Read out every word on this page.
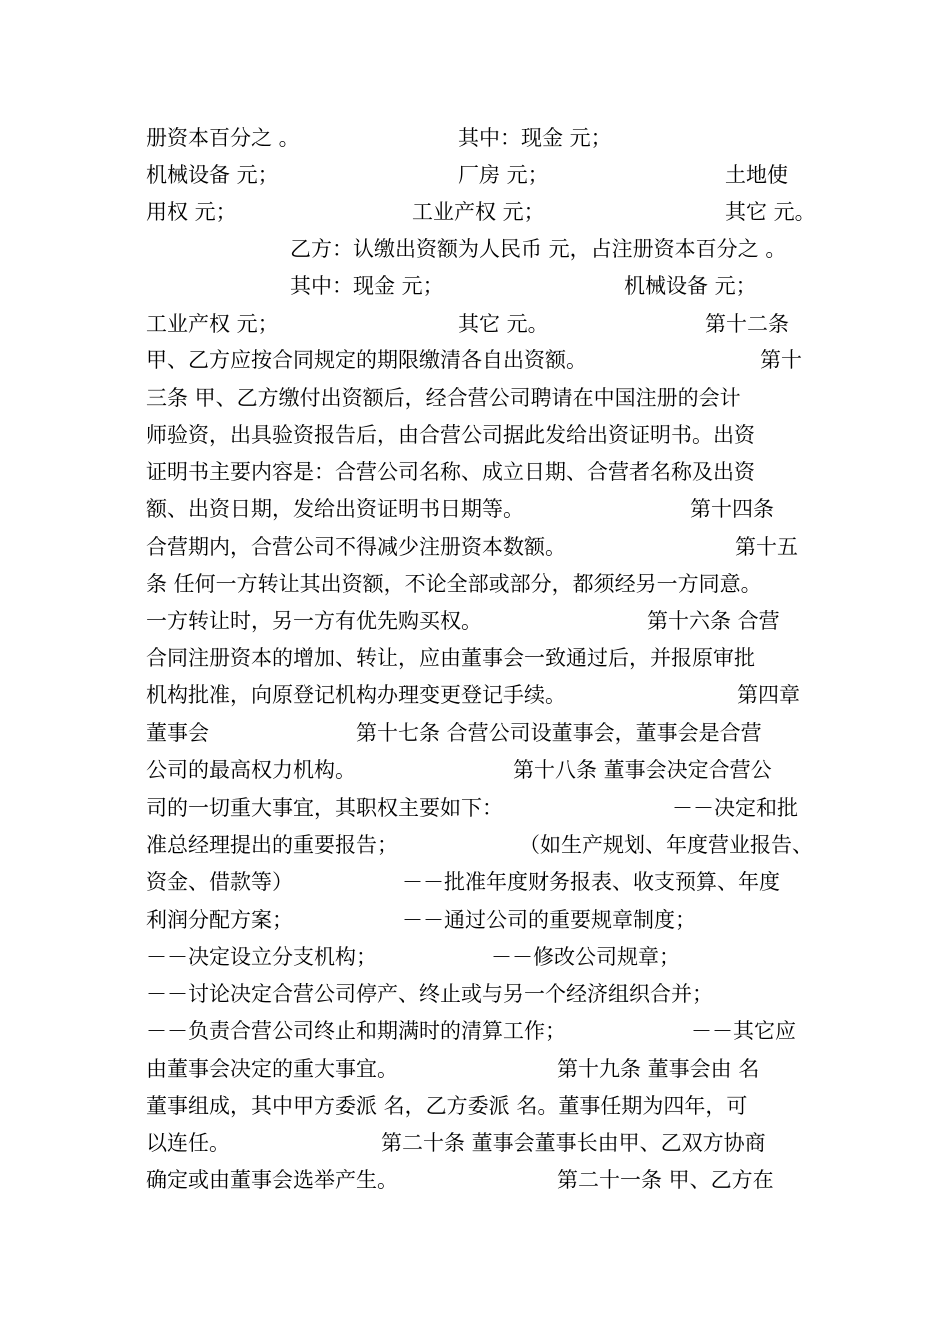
册资本百分之 。	其中：现金 元；
机械设备 元；	厂房 元；	土地使
用权 元；	工业产权 元；	其它 元。
乙方：认缴出资额为人民币 元，占注册资本百分之 。
其中：现金 元；	机械设备 元；
工业产权 元；	其它 元。	第十二条
甲、乙方应按合同规定的期限缴清各自出资额。	第十
三条 甲、乙方缴付出资额后，经合营公司聘请在中国注册的会计
师验资，出具验资报告后，由合营公司据此发给出资证明书。出资
证明书主要内容是：合营公司名称、成立日期、合营者名称及出资
额、出资日期，发给出资证明书日期等。	第十四条
合营期内，合营公司不得减少注册资本数额。	第十五
条 任何一方转让其出资额，不论全部或部分，都须经另一方同意。
一方转让时，另一方有优先购买权。	第十六条 合营
合同注册资本的增加、转让，应由董事会一致通过后，并报原审批
机构批准，向原登记机构办理变更登记手续。	第四章
董事会	第十七条 合营公司设董事会，董事会是合营
公司的最高权力机构。	第十八条 董事会决定合营公
司的一切重大事宜，其职权主要如下：	－－决定和批
准总经理提出的重要报告；	（如生产规划、年度营业报告、
资金、借款等）	－－批准年度财务报表、收支预算、年度
利润分配方案；	－－通过公司的重要规章制度；
－－决定设立分支机构；	－－修改公司规章；
－－讨论决定合营公司停产、终止或与另一个经济组织合并；
－－负责合营公司终止和期满时的清算工作；	－－其它应
由董事会决定的重大事宜。	第十九条 董事会由 名
董事组成，其中甲方委派 名，乙方委派 名。董事任期为四年，可
以连任。	第二十条 董事会董事长由甲、乙双方协商
确定或由董事会选举产生。	第二十一条 甲、乙方在
